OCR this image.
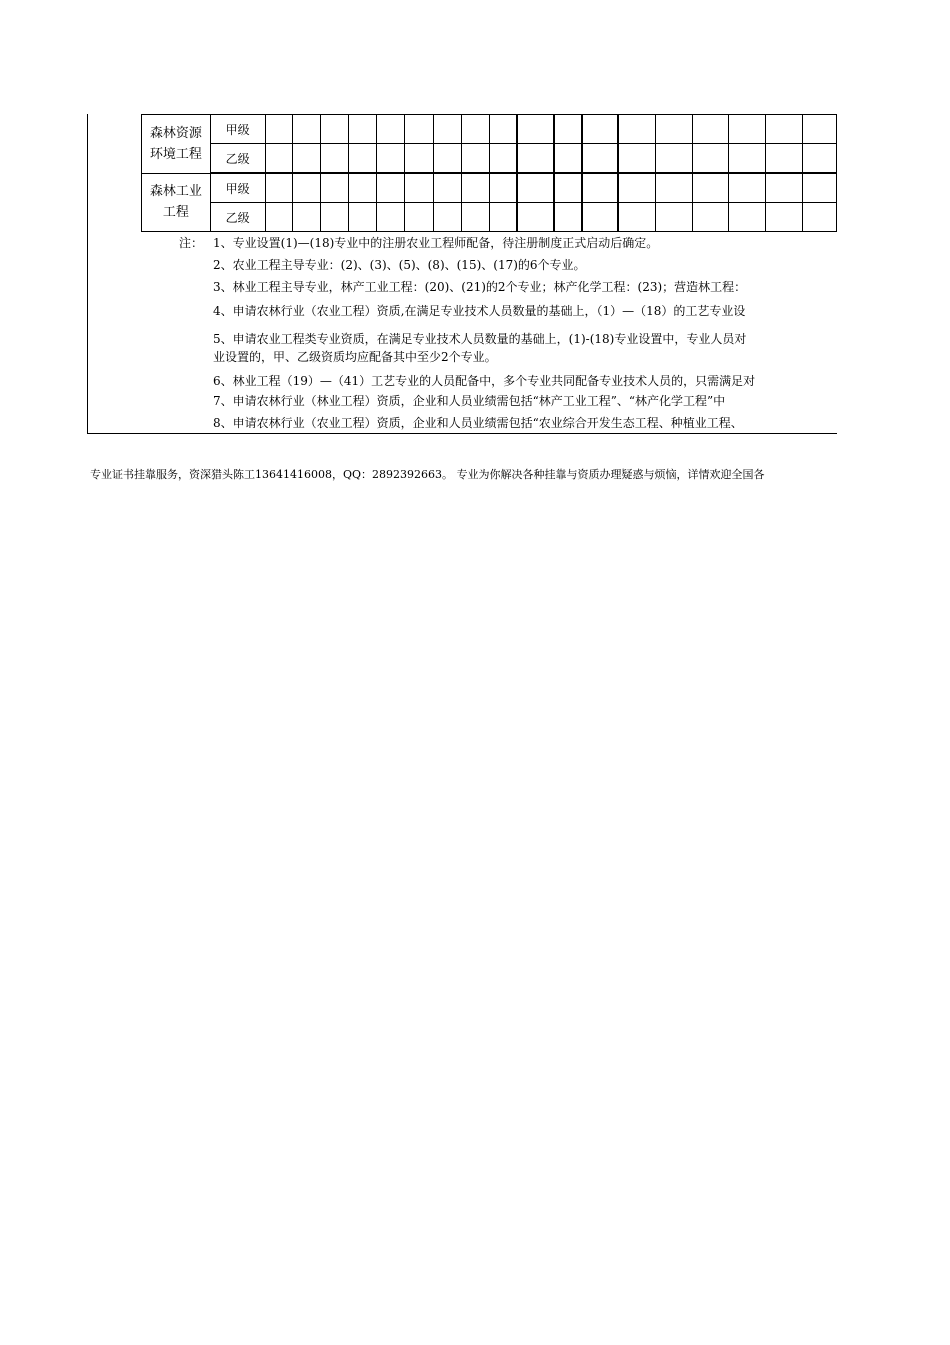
森林资源
环境工程	甲级																		
	乙级																		
森林工业
工程	甲级																		
	乙级																		
注： 1、专业设置(1)—(18)专业中的注册农业工程师配备，待注册制度正式启动后确定。
2、农业工程主导专业：(2)、(3)、(5)、(8)、(15)、(17)的6个专业。
3、林业工程主导专业，林产工业工程：(20)、(21)的2个专业；林产化学工程：(23)；营造林工程：
4、申请农林行业（农业工程）资质,在满足专业技术人员数量的基础上，（1）—（18）的工艺专业设
5、申请农业工程类专业资质，在满足专业技术人员数量的基础上，(1)-(18)专业设置中，专业人员对
业设置的，甲、乙级资质均应配备其中至少2个专业。
6、林业工程（19）—（41）工艺专业的人员配备中，多个专业共同配备专业技术人员的，只需满足对
7、申请农林行业（林业工程）资质，企业和人员业绩需包括“林产工业工程”、“林产化学工程”中
8、申请农林行业（农业工程）资质，企业和人员业绩需包括“农业综合开发生态工程、种植业工程、
专业证书挂靠服务，资深猎头陈工13641416008，QQ：2892392663。 专业为你解决各种挂靠与资质办理疑惑与烦恼，详情欢迎全国各
